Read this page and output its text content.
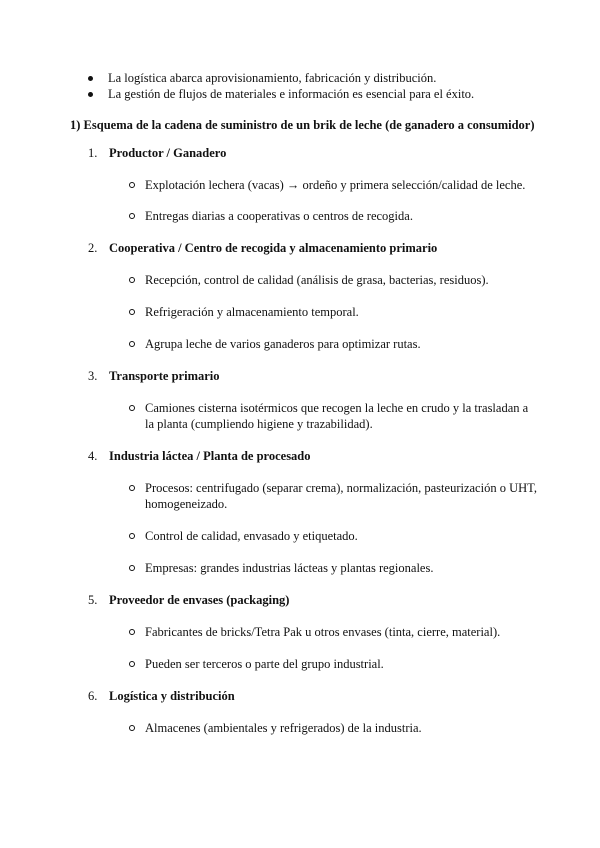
La logística abarca aprovisionamiento, fabricación y distribución.
La gestión de flujos de materiales e información es esencial para el éxito.
1) Esquema de la cadena de suministro de un brik de leche (de ganadero a consumidor)
1. Productor / Ganadero
Explotación lechera (vacas) → ordeño y primera selección/calidad de leche.
Entregas diarias a cooperativas o centros de recogida.
2. Cooperativa / Centro de recogida y almacenamiento primario
Recepción, control de calidad (análisis de grasa, bacterias, residuos).
Refrigeración y almacenamiento temporal.
Agrupa leche de varios ganaderos para optimizar rutas.
3. Transporte primario
Camiones cisterna isotérmicos que recogen la leche en crudo y la trasladan a la planta (cumpliendo higiene y trazabilidad).
4. Industria láctea / Planta de procesado
Procesos: centrifugado (separar crema), normalización, pasteurización o UHT, homogeneizado.
Control de calidad, envasado y etiquetado.
Empresas: grandes industrias lácteas y plantas regionales.
5. Proveedor de envases (packaging)
Fabricantes de bricks/Tetra Pak u otros envases (tinta, cierre, material).
Pueden ser terceros o parte del grupo industrial.
6. Logística y distribución
Almacenes (ambientales y refrigerados) de la industria.
